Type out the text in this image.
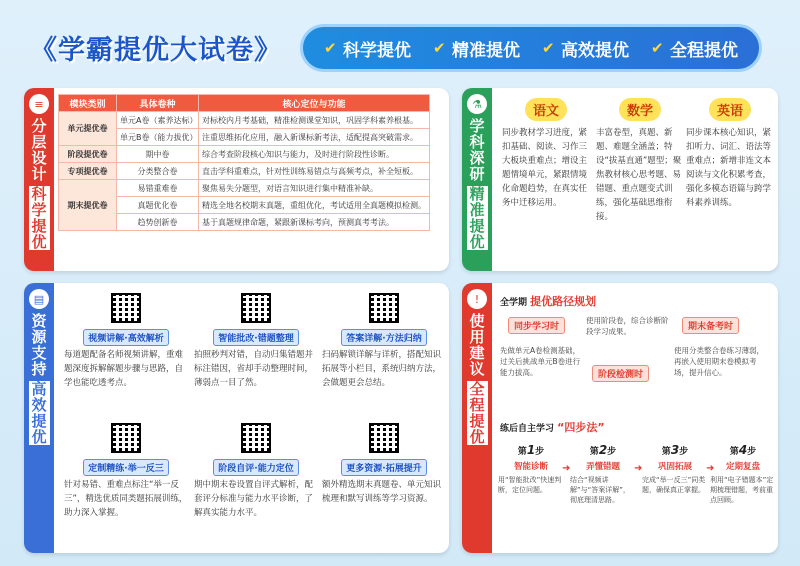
《学霸提优大试卷》	✔ 科学提优 ✔ 精准提优 ✔ 高效提优 ✔ 全程提优
≡
分层设计
科学提优
模块类别	具体卷种	核心定位与功能
单元提优卷	单元A卷（素养达标）	对标校内月考基础，精准检测课堂知识，巩固学科素养根基。
	单元B卷（能力拔优）	注重思维拓化应用，融入新课标新考法，适配提高突破需求。
阶段提优卷	期中卷	综合考查阶段核心知识与能力，及时进行阶段性诊断。
专项提优卷	分类整合卷	直击学科重难点，针对性训练易错点与高频考点，补全短板。
期末提优卷	易错重难卷	聚焦易失分题型，对语言知识进行集中精准补缺。
	真题优化卷	精选全地名校期末真题，重组优化，考试适用全真题模拟检测。
	趋势创新卷	基于真题规律命题，紧跟新课标考向，预测真考考法。
⚗
学科深研
精准提优
语文
同步教材学习进度，紧扣基础、阅读、习作三大板块重难点；增设主题情境单元，紧跟情境化命题趋势，在真实任务中迁移运用。
数学
丰富卷型，真题、新题、难题全涵盖；特设“拔基直通”题型；聚焦教材核心思考题、易错题、重点题变式训练，强化基础思维衔接。
英语
同步课本核心知识，紧扣听力、词汇、语法等重难点；新增非连文本阅读与文化积累考查，强化多模态语篇与跨学科素养训练。
▤
资源支持
高效提优
视频讲解·高效解析
每道题配备名师视频讲解，重难题深度拆解解题步骤与思路，自学也能吃透考点。
智能批改·错题整理
拍照秒判对错，自动归集错题并标注错因，省却手动整理时间，薄弱点一目了然。
答案详解·方法归纳
扫码解锁详解与详析，搭配知识拓展等小栏目，系统归纳方法，会做题更会总结。
定制精练·举一反三
针对易错、重难点标注“举一反三”，精选优质同类题拓展训练，助力深入掌握。
阶段自评·能力定位
期中期末卷设置自评式解析，配套评分标准与能力水平诊断，了解真实能力水平。
更多资源·拓展提升
额外精选期末真题卷、单元知识梳理和默写训练等学习资源。
!
使用建议
全程提优
全学期 提优路径规划
同步学习时
使用阶段卷，综合诊断阶段学习成果。	期末备考时
先做单元A卷检测基础，过关后挑战单元B卷进行能力拔高。	阶段检测时
使用分类整合卷练习薄弱，再嵌入使用期末卷模拟考场，提升信心。
练后自主学习 “四步法”
第1步
智能诊断
用“智能批改”快速判断，定位问题。
➜
第2步
弄懂错题
结合“视频讲解”与“答案详解”，彻底理清思路。
➜
第3步
巩固拓展
完成“举一反三”同类题，确保真正掌握。
➜
第4步
定期复盘
利用“电子错题本”定期梳理错题，考前重点回顾。
